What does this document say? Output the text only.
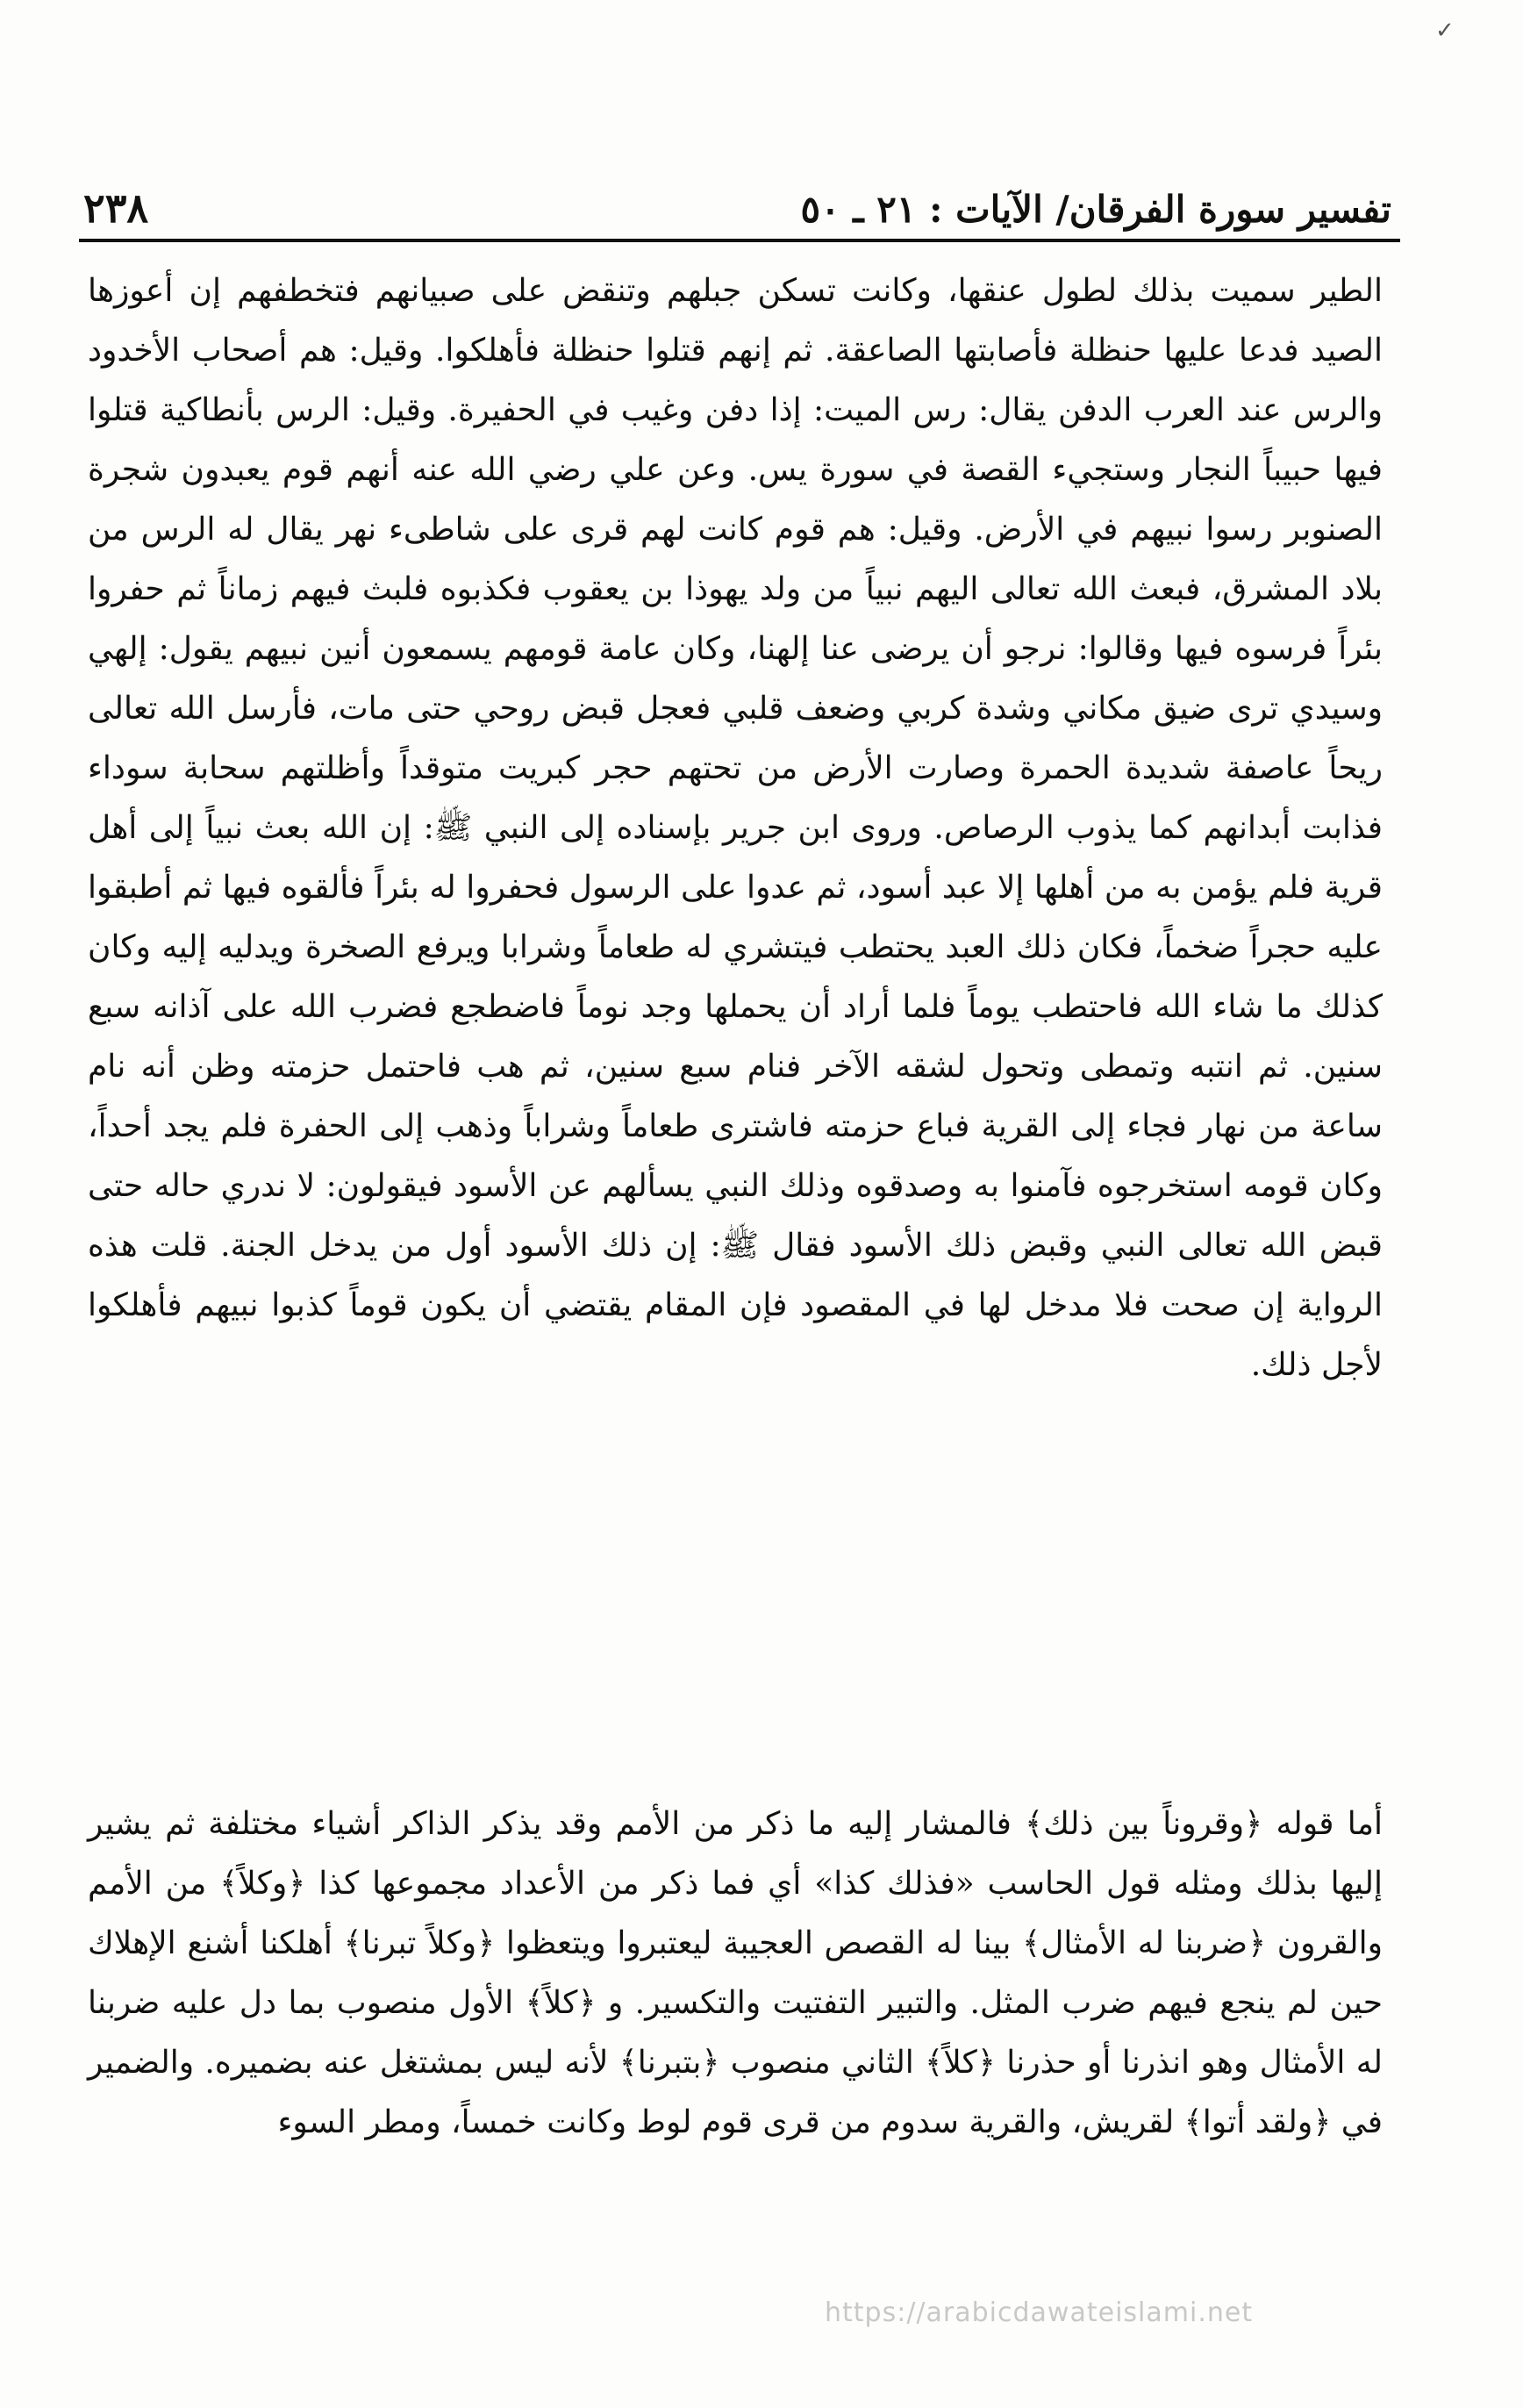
✓
٢٣٨	تفسير سورة الفرقان/ الآيات : ٢١ ـ ٥٠

الطير سميت بذلك لطول عنقها، وكانت تسكن جبلهم وتنقض على صبيانهم فتخطفهم إن أعوزها الصيد فدعا عليها حنظلة فأصابتها الصاعقة. ثم إنهم قتلوا حنظلة فأهلكوا. وقيل: هم أصحاب الأخدود والرس عند العرب الدفن يقال: رس الميت: إذا دفن وغيب في الحفيرة. وقيل: الرس بأنطاكية قتلوا فيها حبيباً النجار وستجيء القصة في سورة يس. وعن علي رضي الله عنه أنهم قوم يعبدون شجرة الصنوبر رسوا نبيهم في الأرض. وقيل: هم قوم كانت لهم قرى على شاطىء نهر يقال له الرس من بلاد المشرق، فبعث الله تعالى اليهم نبياً من ولد يهوذا بن يعقوب فكذبوه فلبث فيهم زماناً ثم حفروا بئراً فرسوه فيها وقالوا: نرجو أن يرضى عنا إلهنا، وكان عامة قومهم يسمعون أنين نبيهم يقول: إلهي وسيدي ترى ضيق مكاني وشدة كربي وضعف قلبي فعجل قبض روحي حتى مات، فأرسل الله تعالى ريحاً عاصفة شديدة الحمرة وصارت الأرض من تحتهم حجر كبريت متوقداً وأظلتهم سحابة سوداء فذابت أبدانهم كما يذوب الرصاص. وروى ابن جرير بإسناده إلى النبي ﷺ: إن الله بعث نبياً إلى أهل قرية فلم يؤمن به من أهلها إلا عبد أسود، ثم عدوا على الرسول فحفروا له بئراً فألقوه فيها ثم أطبقوا عليه حجراً ضخماً، فكان ذلك العبد يحتطب فيتشري له طعاماً وشرابا ويرفع الصخرة ويدليه إليه وكان كذلك ما شاء الله فاحتطب يوماً فلما أراد أن يحملها وجد نوماً فاضطجع فضرب الله على آذانه سبع سنين. ثم انتبه وتمطى وتحول لشقه الآخر فنام سبع سنين، ثم هب فاحتمل حزمته وظن أنه نام ساعة من نهار فجاء إلى القرية فباع حزمته فاشترى طعاماً وشراباً وذهب إلى الحفرة فلم يجد أحداً، وكان قومه استخرجوه فآمنوا به وصدقوه وذلك النبي يسألهم عن الأسود فيقولون: لا ندري حاله حتى قبض الله تعالى النبي وقبض ذلك الأسود فقال ﷺ: إن ذلك الأسود أول من يدخل الجنة. قلت هذه الرواية إن صحت فلا مدخل لها في المقصود فإن المقام يقتضي أن يكون قوماً كذبوا نبيهم فأهلكوا لأجل ذلك.

أما قوله ﴿وقروناً بين ذلك﴾ فالمشار إليه ما ذكر من الأمم وقد يذكر الذاكر أشياء مختلفة ثم يشير إليها بذلك ومثله قول الحاسب «فذلك كذا» أي فما ذكر من الأعداد مجموعها كذا ﴿وكلاً﴾ من الأمم والقرون ﴿ضربنا له الأمثال﴾ بينا له القصص العجيبة ليعتبروا ويتعظوا ﴿وكلاً تبرنا﴾ أهلكنا أشنع الإهلاك حين لم ينجع فيهم ضرب المثل. والتبير التفتيت والتكسير. و ﴿كلاً﴾ الأول منصوب بما دل عليه ضربنا له الأمثال وهو انذرنا أو حذرنا ﴿كلاً﴾ الثاني منصوب ﴿بتبرنا﴾ لأنه ليس بمشتغل عنه بضميره. والضمير في ﴿ولقد أتوا﴾ لقريش، والقرية سدوم من قرى قوم لوط وكانت خمساً، ومطر السوء

https://arabicdawateislami.net
